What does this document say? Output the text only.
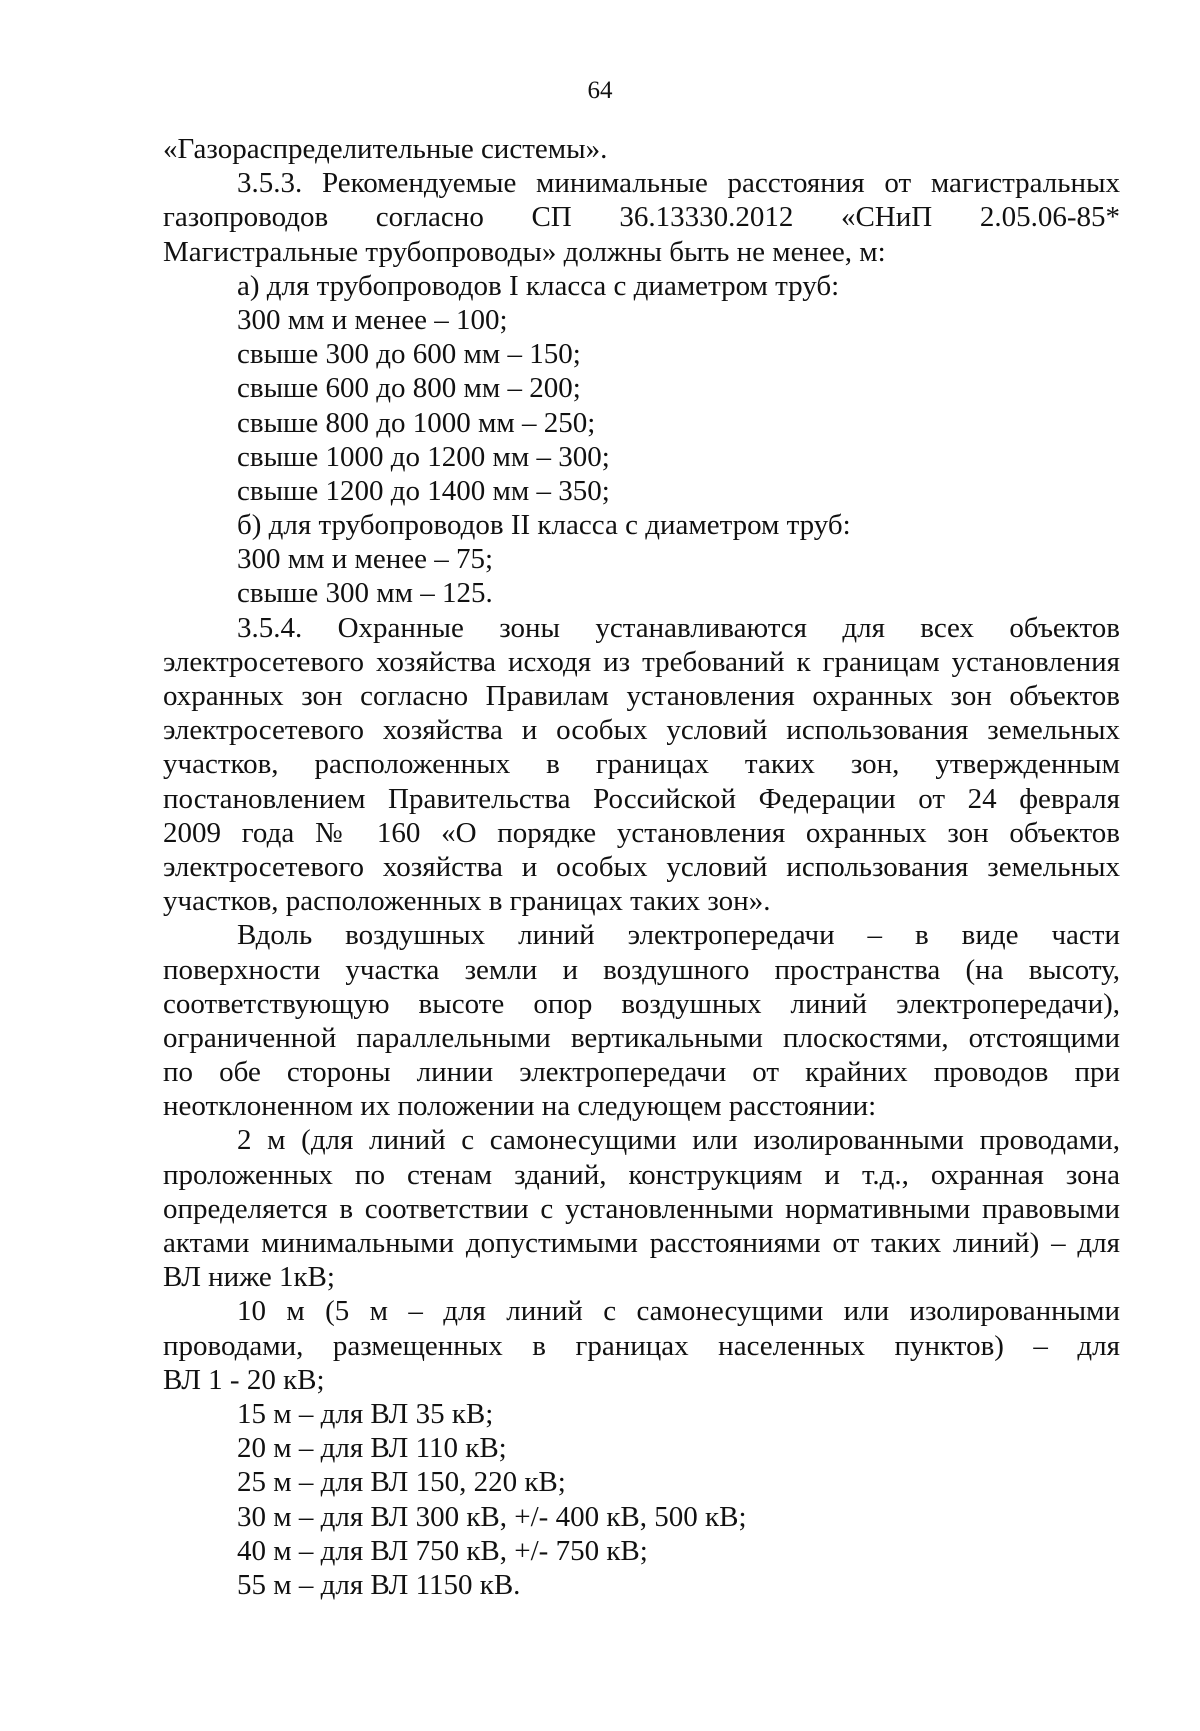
64
«Газораспределительные системы».
3.5.3. Рекомендуемые минимальные расстояния от магистральных
газопроводов согласно СП 36.13330.2012 «СНиП 2.05.06-85*
Магистральные трубопроводы» должны быть не менее, м:
а) для трубопроводов I класса с диаметром труб:
300 мм и менее – 100;
свыше 300 до 600 мм – 150;
свыше 600 до 800 мм – 200;
свыше 800 до 1000 мм – 250;
свыше 1000 до 1200 мм – 300;
свыше 1200 до 1400 мм – 350;
б) для трубопроводов II класса с диаметром труб:
300 мм и менее – 75;
свыше 300 мм – 125.
3.5.4. Охранные зоны устанавливаются для всех объектов
электросетевого хозяйства исходя из требований к границам установления
охранных зон согласно Правилам установления охранных зон объектов
электросетевого хозяйства и особых условий использования земельных
участков, расположенных в границах таких зон, утвержденным
постановлением Правительства Российской Федерации от 24 февраля
2009 года № 160 «О порядке установления охранных зон объектов
электросетевого хозяйства и особых условий использования земельных
участков, расположенных в границах таких зон».
Вдоль воздушных линий электропередачи – в виде части
поверхности участка земли и воздушного пространства (на высоту,
соответствующую высоте опор воздушных линий электропередачи),
ограниченной параллельными вертикальными плоскостями, отстоящими
по обе стороны линии электропередачи от крайних проводов при
неотклоненном их положении на следующем расстоянии:
2 м (для линий с самонесущими или изолированными проводами,
проложенных по стенам зданий, конструкциям и т.д., охранная зона
определяется в соответствии с установленными нормативными правовыми
актами минимальными допустимыми расстояниями от таких линий) – для
ВЛ ниже 1кВ;
10 м (5 м – для линий с самонесущими или изолированными
проводами, размещенных в границах населенных пунктов) – для
ВЛ 1 - 20 кВ;
15 м – для ВЛ 35 кВ;
20 м – для ВЛ 110 кВ;
25 м – для ВЛ 150, 220 кВ;
30 м – для ВЛ 300 кВ, +/- 400 кВ, 500 кВ;
40 м – для ВЛ 750 кВ, +/- 750 кВ;
55 м – для ВЛ 1150 кВ.
